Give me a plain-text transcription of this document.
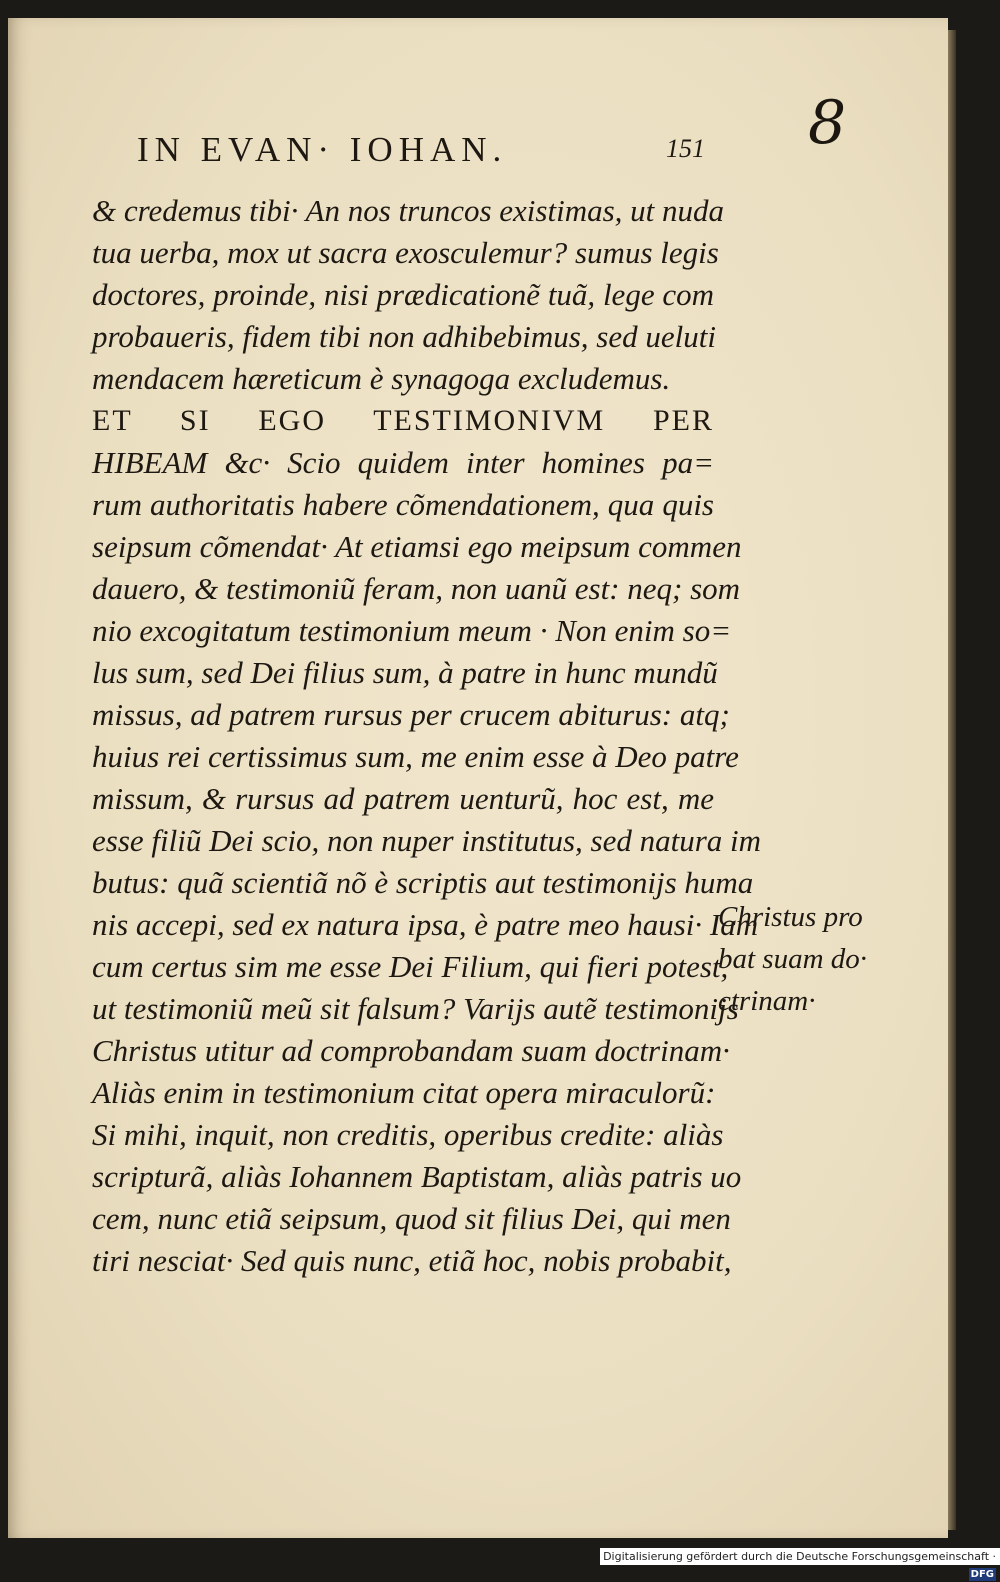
8
IN EVAN· IOHAN.	151
& credemus tibi· An nos truncos existimas, ut nuda
tua uerba, mox ut sacra exosculemur? sumus legis
doctores, proinde, nisi prædicationẽ tuã, lege com
probaueris, fidem tibi non adhibebimus, sed ueluti
mendacem hæreticum è synagoga excludemus.
ET SI EGO TESTIMONIVM PER
HIBEAM &c· Scio quidem inter homines pa=
rum authoritatis habere cõmendationem, qua quis
seipsum cõmendat· At etiamsi ego meipsum commen
dauero, & testimoniũ feram, non uanũ est: neq; som
nio excogitatum testimonium meum · Non enim so=
lus sum, sed Dei filius sum, à patre in hunc mundũ
missus, ad patrem rursus per crucem abiturus: atq;
huius rei certissimus sum, me enim esse à Deo patre
missum, & rursus ad patrem uenturũ, hoc est, me
esse filiũ Dei scio, non nuper institutus, sed natura im
butus: quã scientiã nõ è scriptis aut testimonijs huma
nis accepi, sed ex natura ipsa, è patre meo hausi· Iam
cum certus sim me esse Dei Filium, qui fieri potest,
ut testimoniũ meũ sit falsum? Varijs autẽ testimonijs
Christus utitur ad comprobandam suam doctrinam·
Aliàs enim in testimonium citat opera miraculorũ:
Si mihi, inquit, non creditis, operibus credite: aliàs
scripturã, aliàs Iohannem Baptistam, aliàs patris uo
cem, nunc etiã seipsum, quod sit filius Dei, qui men
tiri nesciat· Sed quis nunc, etiã hoc, nobis probabit,
Christus pro
bat suam do·
ctrinam·
Digitalisierung gefördert durch die Deutsche Forschungsgemeinschaft ·DFG
